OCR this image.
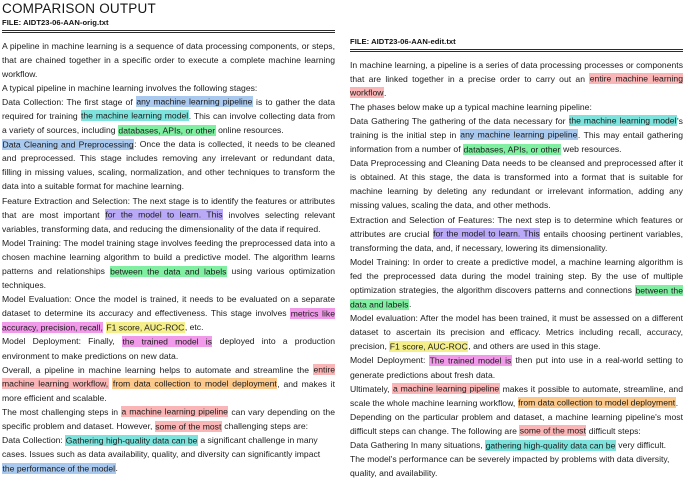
COMPARISON OUTPUT
FILE: AIDT23-06-AAN-orig.txt

A pipeline in machine learning is a sequence of data processing components, or steps, that are chained together in a specific order to execute a complete machine learning workflow.

A typical pipeline in machine learning involves the following stages:

Data Collection: The first stage of any machine learning pipeline is to gather the data required for training the machine learning model. This can involve collecting data from a variety of sources, including databases, APIs, or other online resources.

Data Cleaning and Preprocessing: Once the data is collected, it needs to be cleaned and preprocessed. This stage includes removing any irrelevant or redundant data, filling in missing values, scaling, normalization, and other techniques to transform the data into a suitable format for machine learning.

Feature Extraction and Selection: The next stage is to identify the features or attributes that are most important for the model to learn. This involves selecting relevant variables, transforming data, and reducing the dimensionality of the data if required.

Model Training: The model training stage involves feeding the preprocessed data into a chosen machine learning algorithm to build a predictive model. The algorithm learns patterns and relationships between the data and labels using various optimization techniques.

Model Evaluation: Once the model is trained, it needs to be evaluated on a separate dataset to determine its accuracy and effectiveness. This stage involves metrics like accuracy, precision, recall, F1 score, AUC-ROC, etc.

Model Deployment: Finally, the trained model is deployed into a production environment to make predictions on new data.

Overall, a pipeline in machine learning helps to automate and streamline the entire machine learning workflow, from data collection to model deployment, and makes it more efficient and scalable.

The most challenging steps in a machine learning pipeline can vary depending on the specific problem and dataset. However, some of the most challenging steps are:

Data Collection: Gathering high-quality data can be a significant challenge in many cases. Issues such as data availability, quality, and diversity can significantly impact the performance of the model.

FILE: AIDT23-06-AAN-edit.txt

In machine learning, a pipeline is a series of data processing processes or components that are linked together in a precise order to carry out an entire machine learning workflow.

The phases below make up a typical machine learning pipeline:

Data Gathering The gathering of the data necessary for the machine learning model's training is the initial step in any machine learning pipeline. This may entail gathering information from a number of databases, APIs, or other web resources.

Data Preprocessing and Cleaning Data needs to be cleansed and preprocessed after it is obtained. At this stage, the data is transformed into a format that is suitable for machine learning by deleting any redundant or irrelevant information, adding any missing values, scaling the data, and other methods.

Extraction and Selection of Features: The next step is to determine which features or attributes are crucial for the model to learn. This entails choosing pertinent variables, transforming the data, and, if necessary, lowering its dimensionality.

Model Training: In order to create a predictive model, a machine learning algorithm is fed the preprocessed data during the model training step. By the use of multiple optimization strategies, the algorithm discovers patterns and connections between the data and labels.

Model evaluation: After the model has been trained, it must be assessed on a different dataset to ascertain its precision and efficacy. Metrics including recall, accuracy, precision, F1 score, AUC-ROC, and others are used in this stage.

Model Deployment: The trained model is then put into use in a real-world setting to generate predictions about fresh data.

Ultimately, a machine learning pipeline makes it possible to automate, streamline, and scale the whole machine learning workflow, from data collection to model deployment.

Depending on the particular problem and dataset, a machine learning pipeline's most difficult steps can change. The following are some of the most difficult steps:

Data Gathering In many situations, gathering high-quality data can be very difficult. The model's performance can be severely impacted by problems with data diversity, quality, and availability.
